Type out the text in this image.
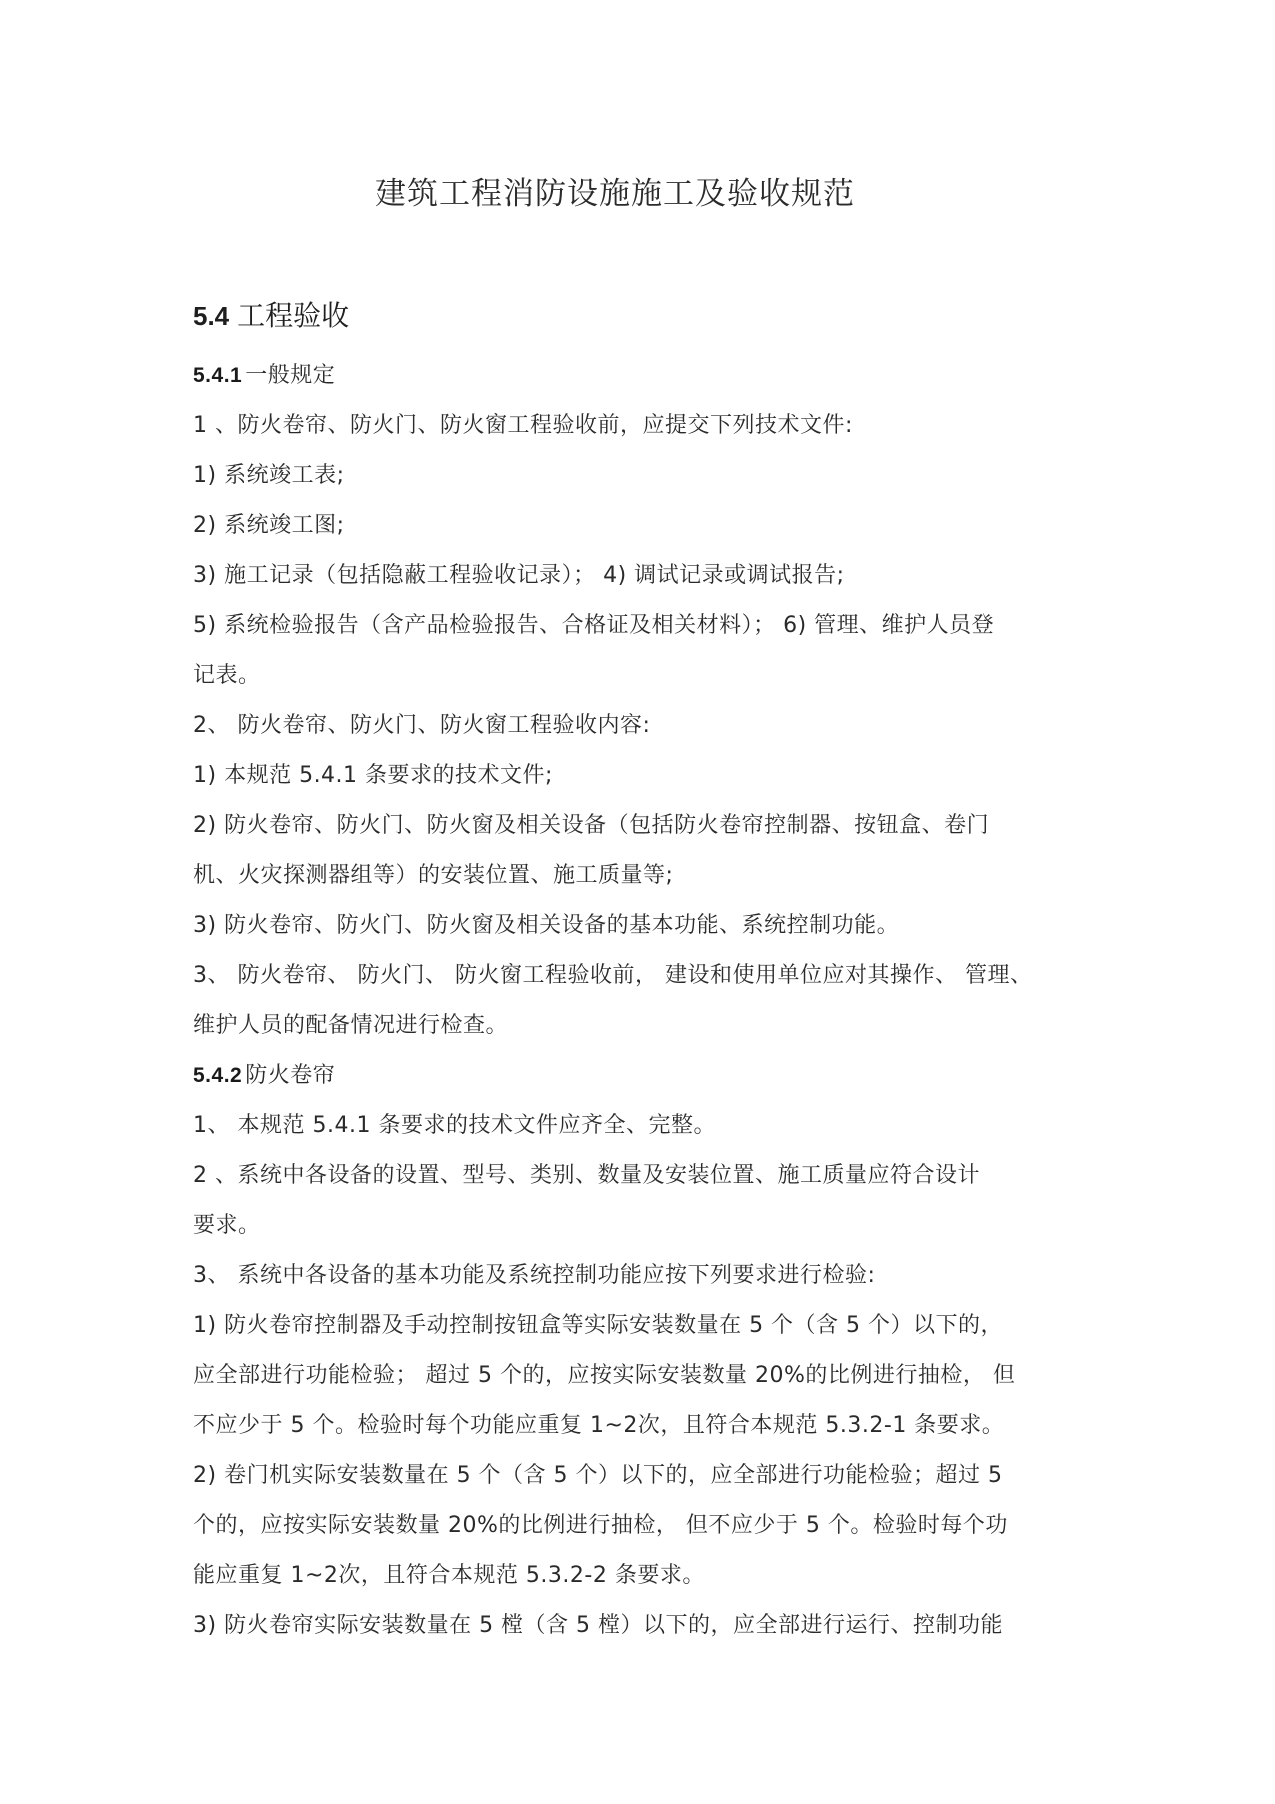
建筑工程消防设施施工及验收规范
5.4 工程验收
5.4.1 一般规定
1 、防火卷帘、防火门、防火窗工程验收前，应提交下列技术文件:
1) 系统竣工表;
2) 系统竣工图;
3) 施工记录（包括隐蔽工程验收记录）； 4) 调试记录或调试报告;
5) 系统检验报告（含产品检验报告、合格证及相关材料）； 6) 管理、维护人员登
记表。
2、 防火卷帘、防火门、防火窗工程验收内容:
1) 本规范 5.4.1 条要求的技术文件;
2) 防火卷帘、防火门、防火窗及相关设备（包括防火卷帘控制器、按钮盒、卷门
机、火灾探测器组等）的安装位置、施工质量等;
3) 防火卷帘、防火门、防火窗及相关设备的基本功能、系统控制功能。
3、 防火卷帘、 防火门、 防火窗工程验收前， 建设和使用单位应对其操作、 管理、
维护人员的配备情况进行检查。
5.4.2 防火卷帘
1、 本规范 5.4.1 条要求的技术文件应齐全、完整。
2 、系统中各设备的设置、型号、类别、数量及安装位置、施工质量应符合设计
要求。
3、 系统中各设备的基本功能及系统控制功能应按下列要求进行检验:
1) 防火卷帘控制器及手动控制按钮盒等实际安装数量在 5 个（含 5 个）以下的，
应全部进行功能检验； 超过 5 个的，应按实际安装数量 20%的比例进行抽检， 但
不应少于 5 个。检验时每个功能应重复 1~2次，且符合本规范 5.3.2-1 条要求。
2) 卷门机实际安装数量在 5 个（含 5 个）以下的，应全部进行功能检验；超过 5
个的，应按实际安装数量 20%的比例进行抽检， 但不应少于 5 个。检验时每个功
能应重复 1~2次，且符合本规范 5.3.2-2 条要求。
3) 防火卷帘实际安装数量在 5 樘（含 5 樘）以下的，应全部进行运行、控制功能
